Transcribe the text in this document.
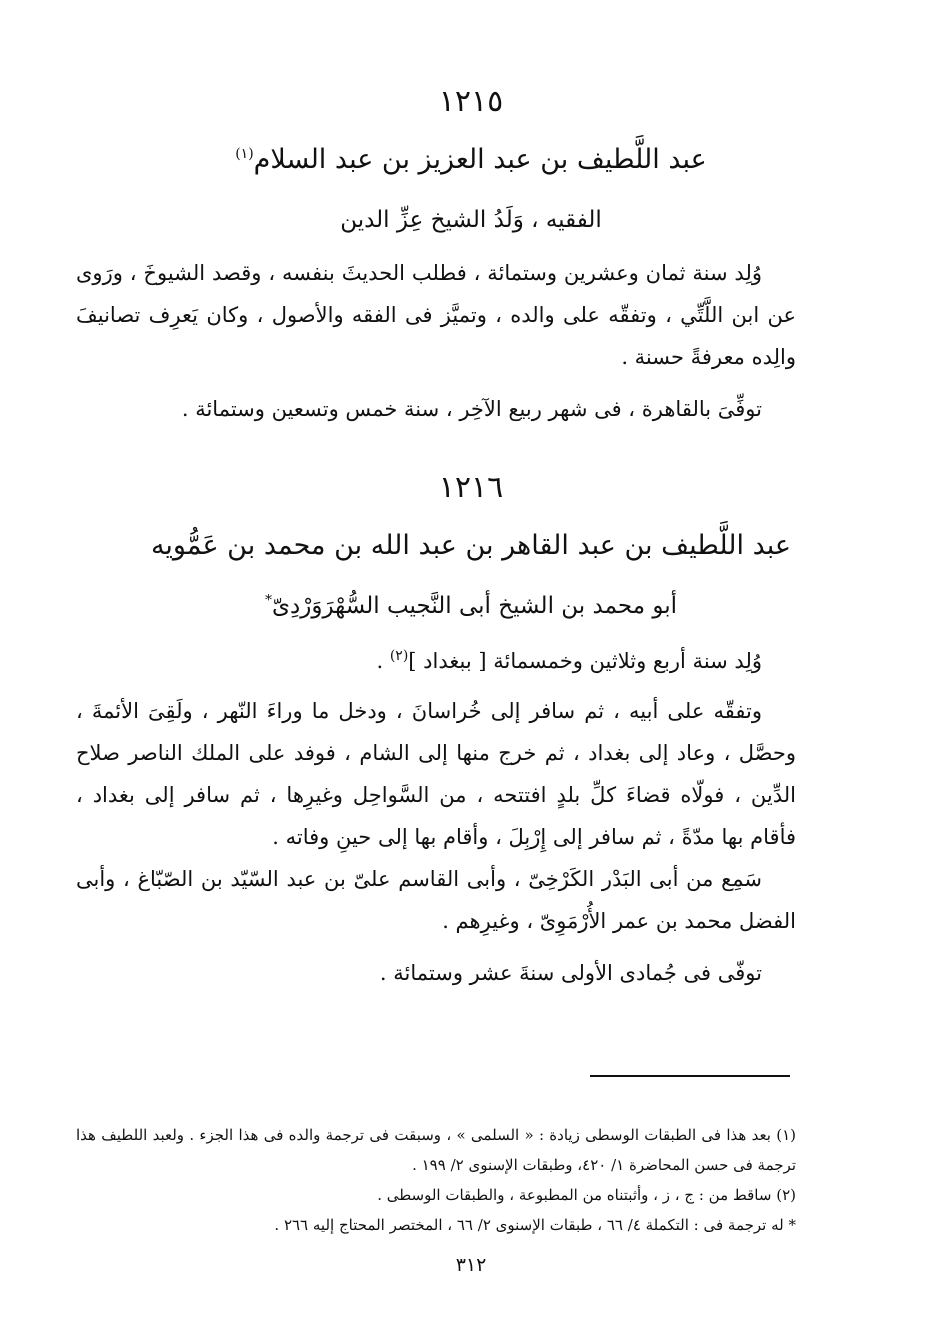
١٢١٥
عبد اللَّطيف بن عبد العزيز بن عبد السلام$^{(١)}$
الفقيه ، وَلَدُ الشيخ عِزِّ الدين

وُلِد سنة ثمان وعشرين وستمائة ، فطلب الحديثَ بنفسه ، وقصد الشيوخَ ، ورَوى عن ابن اللَّتِّي ، وتفقّه على والده ، وتميَّز فى الفقه والأصول ، وكان يَعرِف تصانيفَ والِده معرفةً حسنة .

توفِّىَ بالقاهرة ، فى شهر ربيع الآخِر ، سنة خمس وتسعين وستمائة .

١٢١٦
عبد اللَّطيف بن عبد القاهر بن عبد الله بن محمد بن عَمُّويه
أبو محمد بن الشيخ أبى النَّجيب السُّهْرَوَرْدِىّ*

وُلِد سنة أربع وثلاثين وخمسمائة [ ببغداد ]$^{(٢)}$ .

وتفقّه على أبيه ، ثم سافر إلى خُراسانَ ، ودخل ما وراءَ النّهر ، ولَقِىَ الأئمةَ ، وحصَّل ، وعاد إلى بغداد ، ثم خرج منها إلى الشام ، فوفد على الملك الناصر صلاح الدِّين ، فولّاه قضاءَ كلِّ بلدٍ افتتحه ، من السَّواحِل وغيرِها ، ثم سافر إلى بغداد ، فأقام بها مدّةً ، ثم سافر إلى إِرْبِلَ ، وأقام بها إلى حينِ وفاته .

سَمِع من أبى البَدْر الكَرْخِىّ ، وأبى القاسم علىّ بن عبد السّيّد بن الصّبّاغ ، وأبى الفضل محمد بن عمر الأُرْمَوِىّ ، وغيرِهم .

توفّى فى جُمادى الأولى سنةَ عشر وستمائة .

(١) بعد هذا فى الطبقات الوسطى زيادة : « السلمى » ، وسبقت فى ترجمة والده فى هذا الجزء . ولعبد اللطيف هذا ترجمة فى حسن المحاضرة ١/ ٤٢٠، وطبقات الإسنوى ٢/ ١٩٩ .

(٢) ساقط من : ج ، ز ، وأثبتناه من المطبوعة ، والطبقات الوسطى .

* له ترجمة فى : التكملة ٤/ ٦٦ ، طبقات الإسنوى ٢/ ٦٦ ، المختصر المحتاج إليه ٢٦٦ .

٣١٢
